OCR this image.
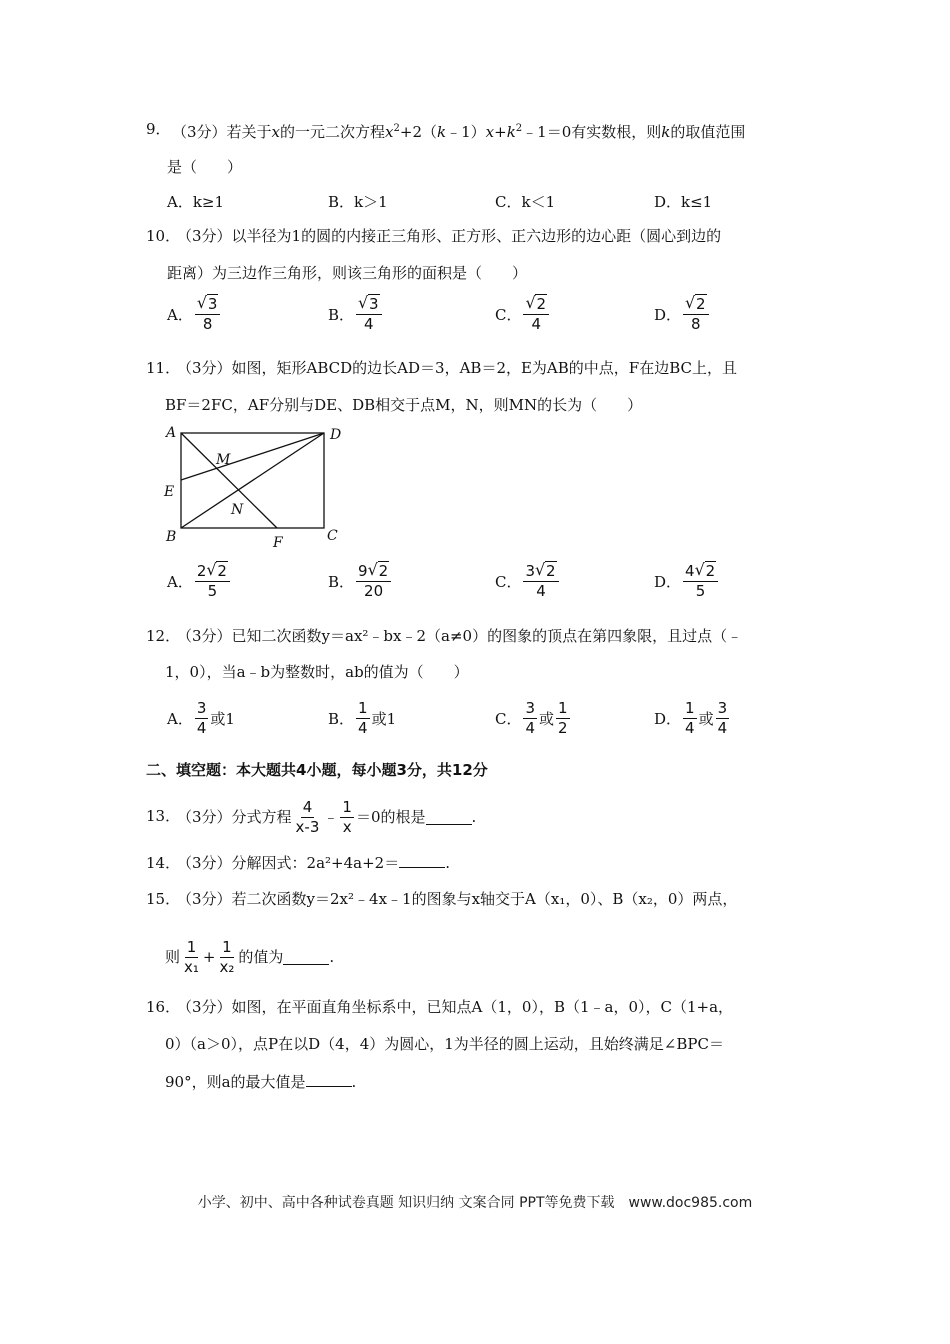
9． （3分）若关于x的一元二次方程$x^2+2(k﹣1)x+k^2﹣1=0$有实数根，则k的取值范围
是（　　）
A．k≥1	B．k＞1	C．k＜1	D．k≤1
10．
（3分）以半径为1的圆的内接正三角形、正方形、正六边形的边心距（圆心到边的
距离）为三边作三角形，则该三角形的面积是（　　）
A． √ $\frac{3}{8}$	B． √ $\frac{3}{4}$	C． √ $\frac{2}{4}$	D． √ $\frac{2}{8}$
11．
（3分）如图，矩形ABCD的边长AD＝3，AB＝2，E为AB的中点，F在边BC上，且
BF＝2FC，AF分别与DE、DB相交于点M，N，则MN的长为（　　）
A	D
M
E
N
B	F	C
A． $\frac{2 √ 2}{5}$	B． $\frac{9 √ 2}{20}$	C． $\frac{3 √ 2}{4}$	D． $\frac{4 √ 2}{5}$
12．
（3分）已知二次函数y＝ax²﹣bx﹣2（a≠0）的图象的顶点在第四象限，且过点（﹣
1，0），当a﹣b为整数时，ab的值为（　　）
A． $\frac{3}{4}$ 或1	B． $\frac{1}{4}$ 或1	C． $\frac{3}{4}$ 或 $\frac{1}{2}$	D． $\frac{1}{4}$ 或 $\frac{3}{4}$
二、填空题：本大题共4小题，每小题3分，共12分
13．
（3分）分式方程 $\frac{4}{x-3}$ ﹣ $\frac{1}{x} =0$的根是	.
14．
（3分）分解因式：2a²+4a+2＝	.
15．
（3分）若二次函数y＝2x²﹣4x﹣1的图象与x轴交于A（x₁，0）、B（x₂，0）两点，
则 $\frac{1}{\text{x₁}} + \frac{1}{\text{x₂}}$ 的值为	.
16．
（3分）如图，在平面直角坐标系中，已知点A（1，0），B（1﹣a，0），C（1+a，
0）（a＞0），点P在以D（4，4）为圆心，1为半径的圆上运动，且始终满足∠BPC＝
90°，则a的最大值是	.
小学、初中、高中各种试卷真题 知识归纳 文案合同 PPT等免费下载　www.doc985.com
